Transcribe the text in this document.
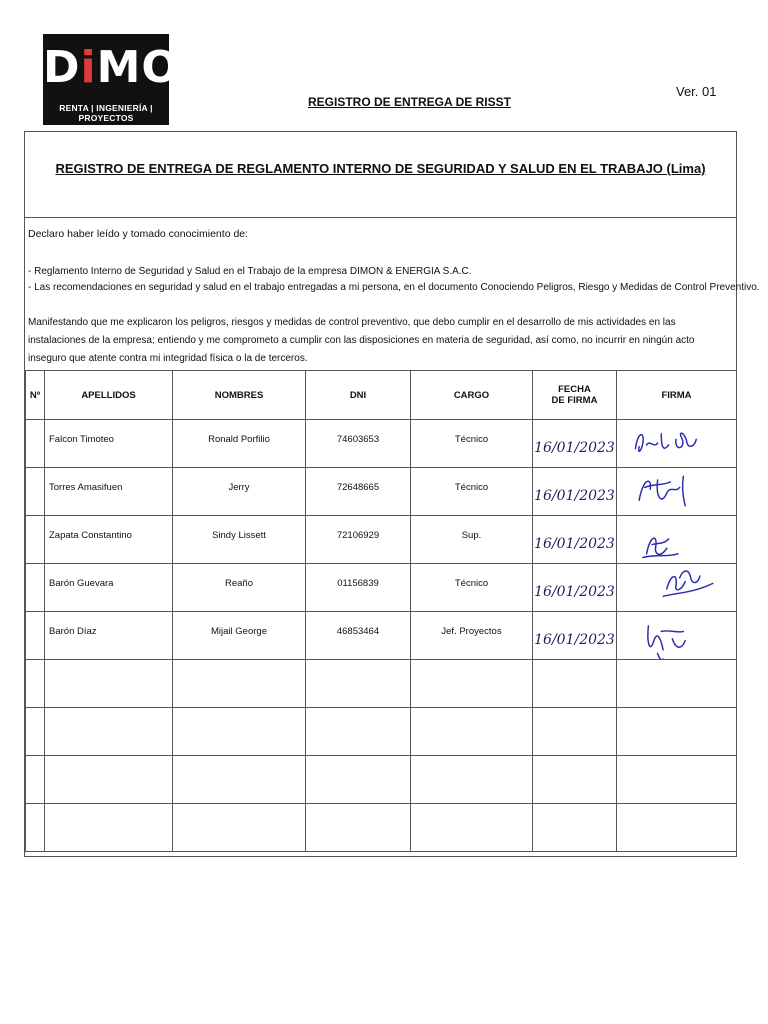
DiMON
RENTA | INGENIERÍA | PROYECTOS
Ver. 01
REGISTRO DE ENTREGA DE RISST
REGISTRO DE ENTREGA DE REGLAMENTO INTERNO DE SEGURIDAD Y SALUD EN EL TRABAJO (Lima)
Declaro haber leído y tomado conocimiento de:
- Reglamento Interno de Seguridad y Salud en el Trabajo de la empresa DIMON & ENERGIA S.A.C.
- Las recomendaciones en seguridad y salud en el trabajo entregadas a mi persona, en el documento Conociendo Peligros, Riesgo y Medidas de Control Preventivo.
Manifestando que me explicaron los peligros, riesgos y medidas de control preventivo, que debo cumplir en el desarrollo de mis actividades en las instalaciones de la empresa; entiendo y me comprometo a cumplir con las disposiciones en materia de seguridad, así como, no incurrir en ningún acto inseguro que atente contra mi integridad física o la de terceros.
Nº	APELLIDOS	NOMBRES	DNI	CARGO	FECHA
DE FIRMA	FIRMA
	Falcon Timoteo	Ronald Porfilio	74603653	Técnico	16/01/2023	

	Torres Amasifuen	Jerry	72648665	Técnico	16/01/2023	

	Zapata Constantino	Sindy Lissett	72106929	Sup.	16/01/2023	

	Barón Guevara	Reaño	01156839	Técnico	16/01/2023	

	Barón Díaz	Mijail George	46853464	Jef. Proyectos	16/01/2023	
